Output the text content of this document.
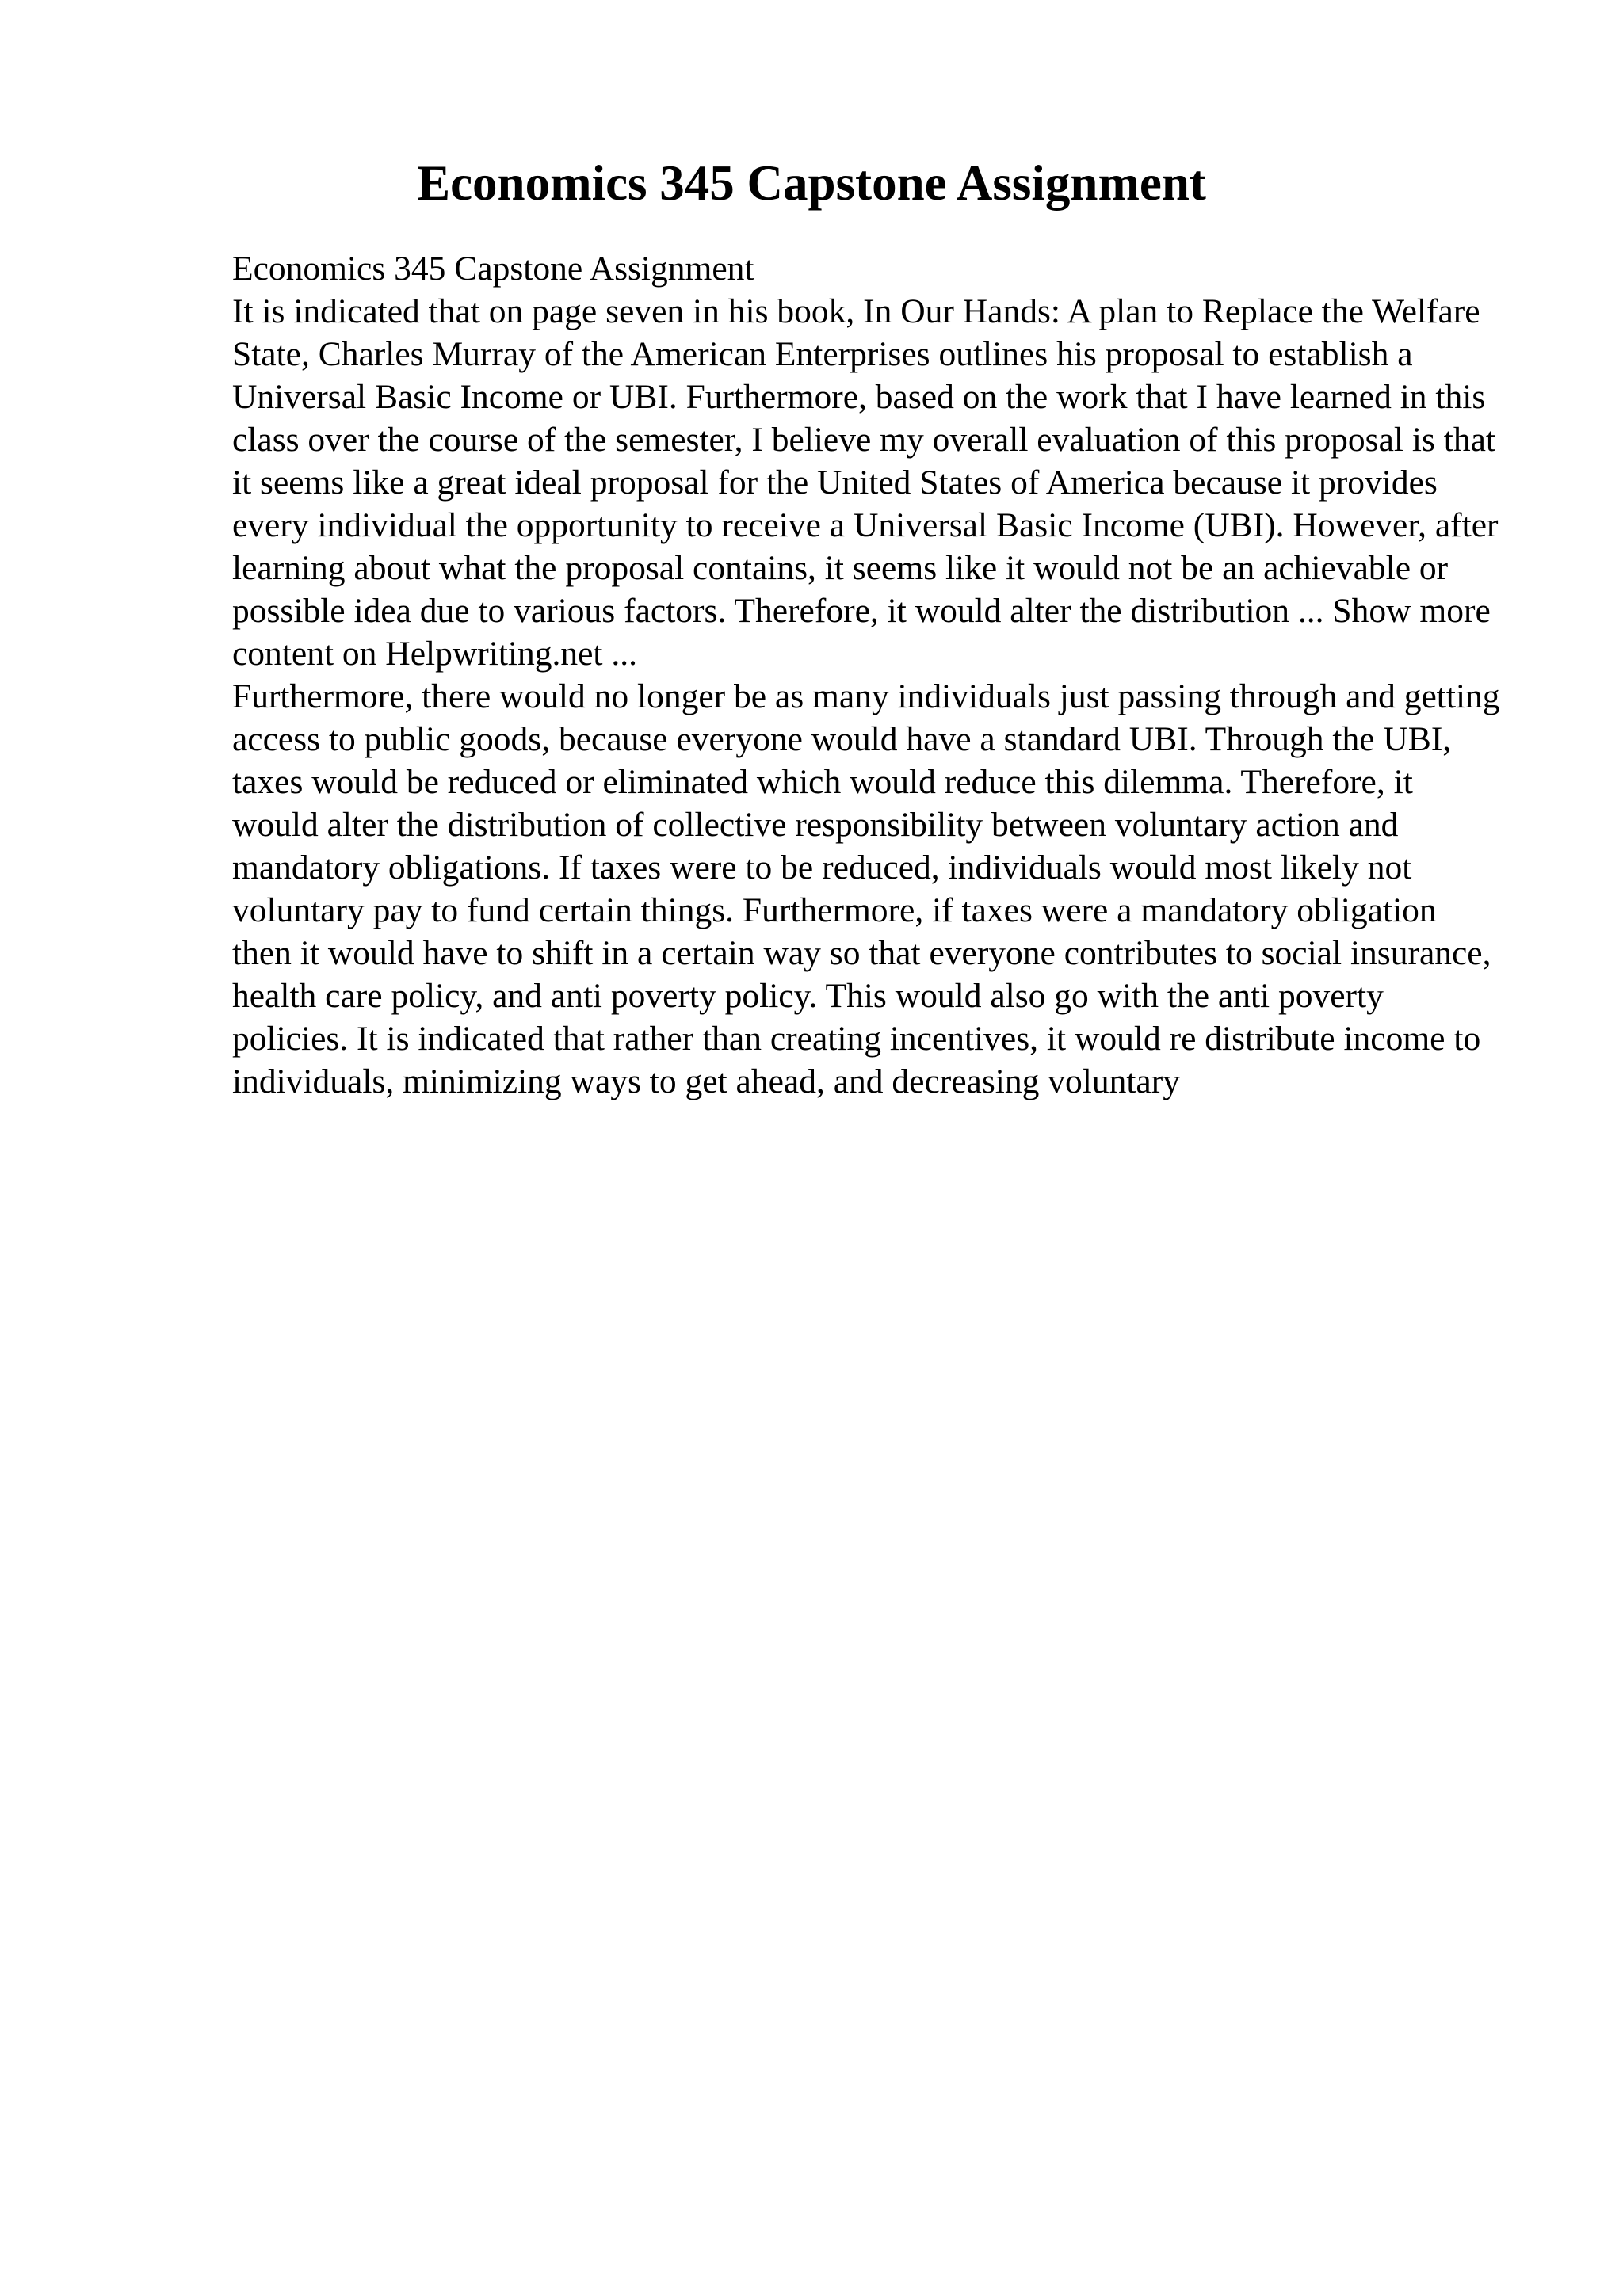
Economics 345 Capstone Assignment

Economics 345 Capstone Assignment

It is indicated that on page seven in his book, In Our Hands: A plan to Replace the Welfare State, Charles Murray of the American Enterprises outlines his proposal to establish a Universal Basic Income or UBI. Furthermore, based on the work that I have learned in this class over the course of the semester, I believe my overall evaluation of this proposal is that it seems like a great ideal proposal for the United States of America because it provides every individual the opportunity to receive a Universal Basic Income (UBI). However, after learning about what the proposal contains, it seems like it would not be an achievable or possible idea due to various factors. Therefore, it would alter the distribution ... Show more content on Helpwriting.net ...

Furthermore, there would no longer be as many individuals just passing through and getting access to public goods, because everyone would have a standard UBI. Through the UBI, taxes would be reduced or eliminated which would reduce this dilemma. Therefore, it would alter the distribution of collective responsibility between voluntary action and mandatory obligations. If taxes were to be reduced, individuals would most likely not voluntary pay to fund certain things. Furthermore, if taxes were a mandatory obligation then it would have to shift in a certain way so that everyone contributes to social insurance, health care policy, and anti poverty policy. This would also go with the anti poverty policies. It is indicated that rather than creating incentives, it would re distribute income to individuals, minimizing ways to get ahead, and decreasing voluntary
